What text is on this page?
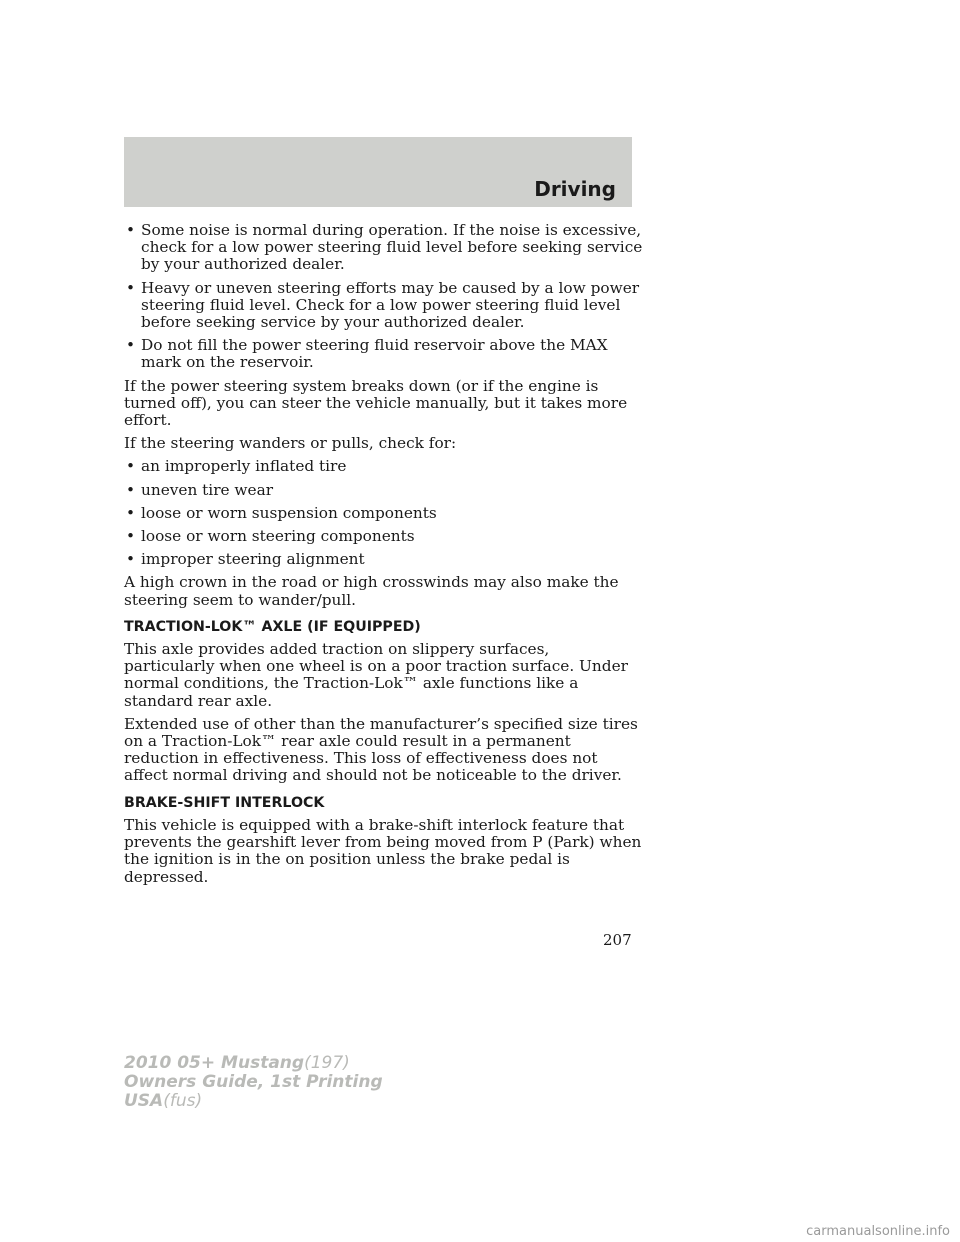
Driving
• Some noise is normal during operation. If the noise is excessive, check for a low power steering fluid level before seeking service by your authorized dealer.
• Heavy or uneven steering efforts may be caused by a low power steering fluid level. Check for a low power steering fluid level before seeking service by your authorized dealer.
• Do not fill the power steering fluid reservoir above the MAX mark on the reservoir.

If the power steering system breaks down (or if the engine is turned off), you can steer the vehicle manually, but it takes more effort.

If the steering wanders or pulls, check for:

• an improperly inflated tire
• uneven tire wear
• loose or worn suspension components
• loose or worn steering components
• improper steering alignment

A high crown in the road or high crosswinds may also make the steering seem to wander/pull.

TRACTION-LOK™ AXLE (IF EQUIPPED)

This axle provides added traction on slippery surfaces, particularly when one wheel is on a poor traction surface. Under normal conditions, the Traction-Lok™ axle functions like a standard rear axle.

Extended use of other than the manufacturer’s specified size tires on a Traction-Lok™ rear axle could result in a permanent reduction in effectiveness. This loss of effectiveness does not affect normal driving and should not be noticeable to the driver.

BRAKE-SHIFT INTERLOCK

This vehicle is equipped with a brake-shift interlock feature that prevents the gearshift lever from being moved from P (Park) when the ignition is in the on position unless the brake pedal is depressed.

207
2010 05+ Mustang(197)
Owners Guide, 1st Printing
USA(fus)
carmanualsonline.info
